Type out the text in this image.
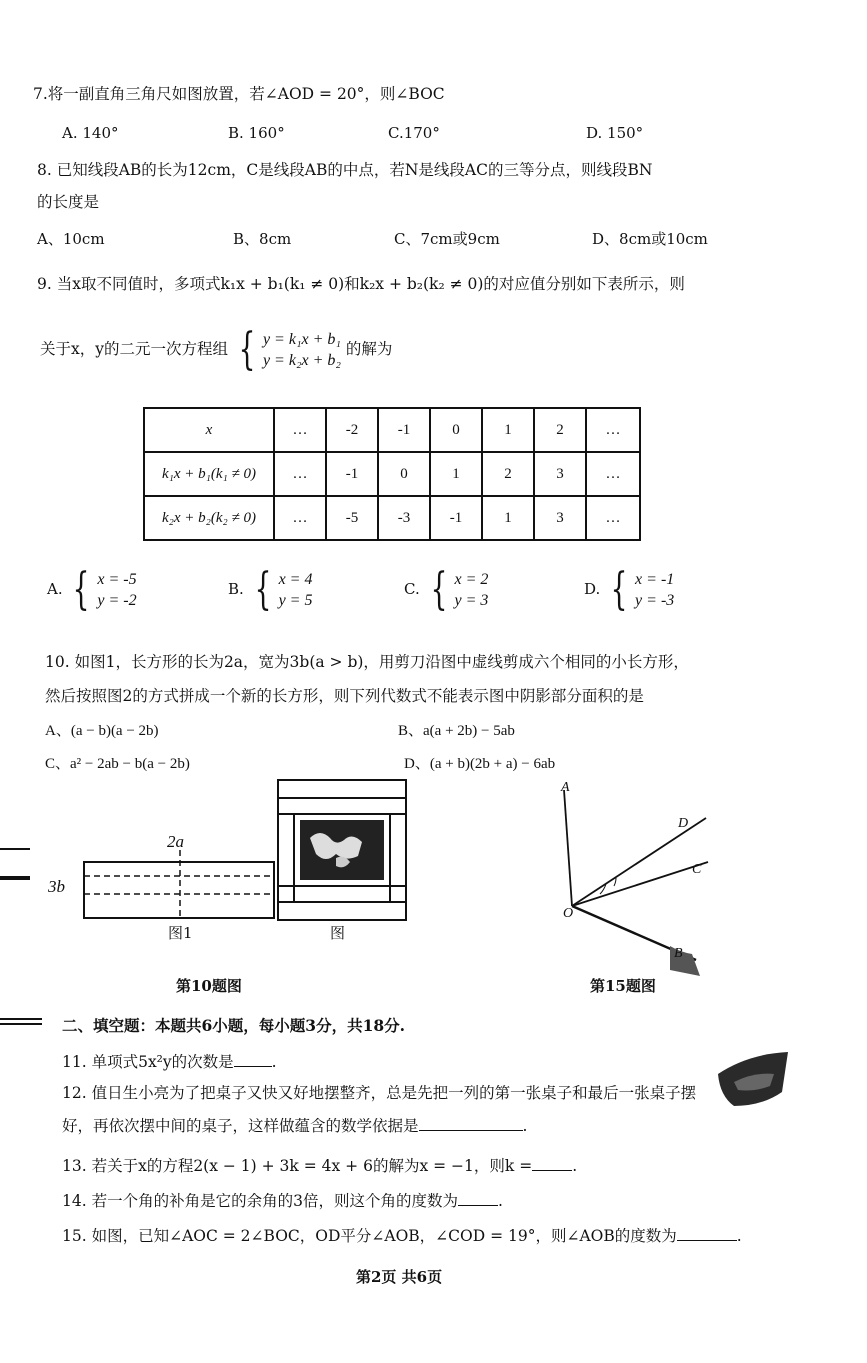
7.将一副直角三角尺如图放置，若∠AOD = 20°，则∠BOC
A. 140°	B. 160°	C.170°	D. 150°
8. 已知线段AB的长为12cm，C是线段AB的中点，若N是线段AC的三等分点，则线段BN
的长度是
A、10cm	B、8cm	C、7cm或9cm	D、8cm或10cm
9. 当x取不同值时，多项式k₁x + b₁(k₁ ≠ 0)和k₂x + b₂(k₂ ≠ 0)的对应值分别如下表所示，则
关于x，y的二元一次方程组 { y = k₁x + b₁
y = k₂x + b₂
的解为
x	…	-2	-1	0	1	2	…
k₁x + b₁(k₁ ≠ 0)	…	-1	0	1	2	3	…
k₂x + b₂(k₂ ≠ 0)	…	-5	-3	-1	1	3	…
A. { x = -5
y = -2
B. { x = 4
y = 5
C. { x = 2
y = 3
D. { x = -1
y = -3
10. 如图1，长方形的长为2a，宽为3b(a > b)，用剪刀沿图中虚线剪成六个相同的小长方形，
然后按照图2的方式拼成一个新的长方形，则下列代数式不能表示图中阴影部分面积的是
A、(a − b)(a − 2b)	B、a(a + 2b) − 5ab
C、a² − 2ab − b(a − 2b)	D、(a + b)(2b + a) − 6ab
2a
3b
图1	图
第10题图
A
D
C
O
B
第15题图
二、填空题：本题共6小题，每小题3分，共18分.
11. 单项式5x²y的次数是 .
12. 值日生小亮为了把桌子又快又好地摆整齐，总是先把一列的第一张桌子和最后一张桌子摆
好，再依次摆中间的桌子，这样做蕴含的数学依据是	.
13. 若关于x的方程2(x − 1) + 3k = 4x + 6的解为x = −1，则k =	.
14. 若一个角的补角是它的余角的3倍，则这个角的度数为	.
15. 如图，已知∠AOC = 2∠BOC，OD平分∠AOB，∠COD = 19°，则∠AOB的度数为	.
第2页 共6页
